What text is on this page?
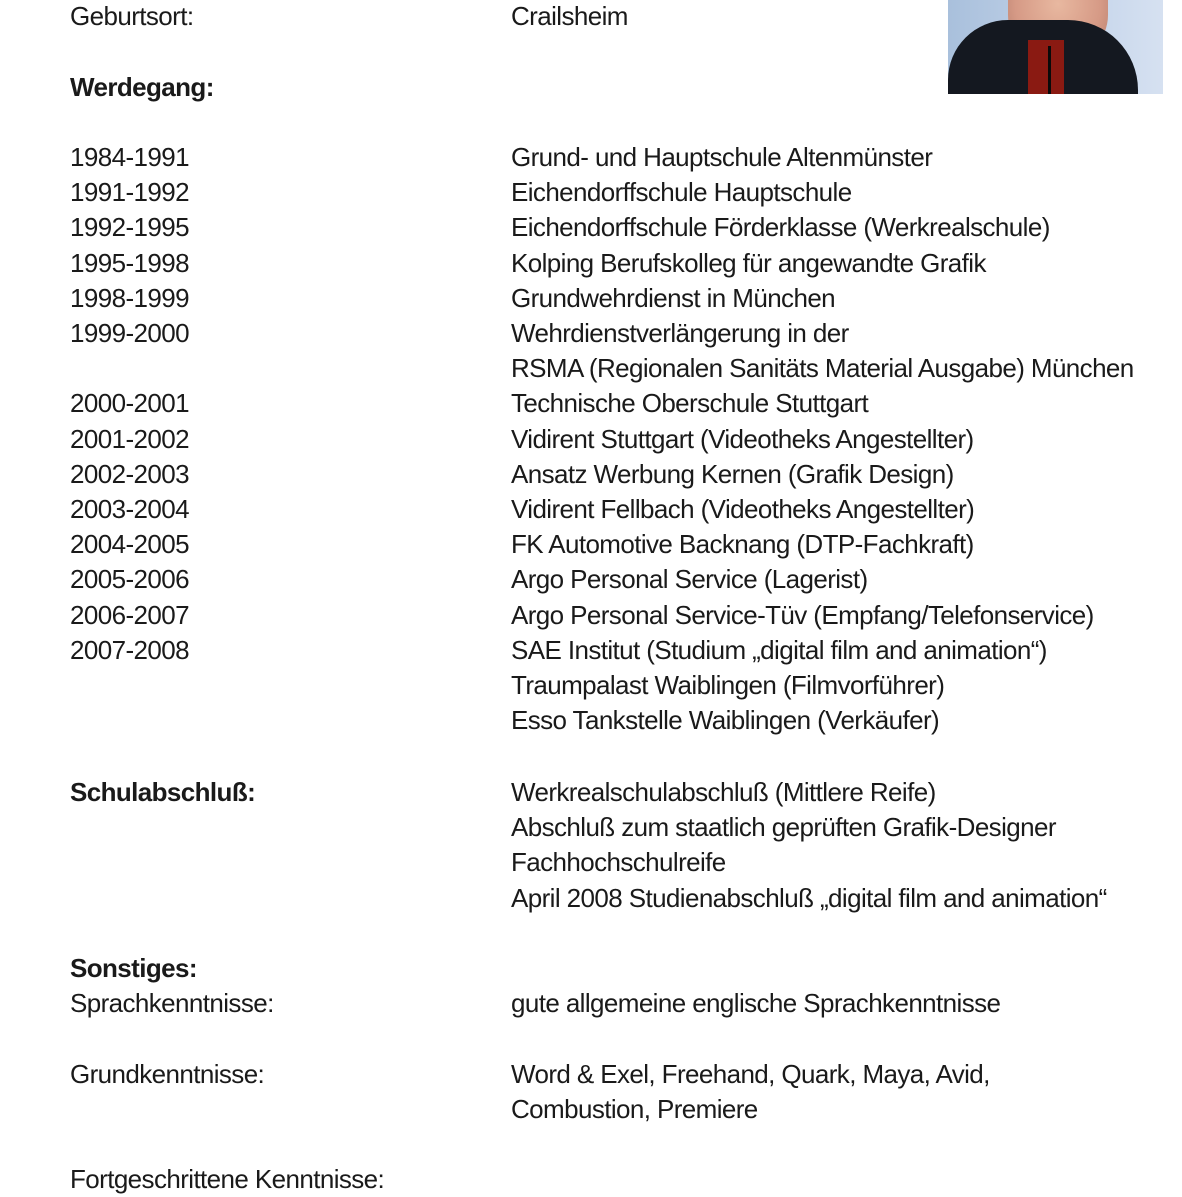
Geburtsort:	Crailsheim
Werdegang:
1984-1991	Grund- und Hauptschule Altenmünster
1991-1992	Eichendorffschule Hauptschule
1992-1995	Eichendorffschule Förderklasse (Werkrealschule)
1995-1998	Kolping Berufskolleg für angewandte Grafik
1998-1999	Grundwehrdienst in München
1999-2000	Wehrdienstverlängerung in der
RSMA (Regionalen Sanitäts Material Ausgabe) München
2000-2001	Technische Oberschule Stuttgart
2001-2002	Vidirent Stuttgart (Videotheks Angestellter)
2002-2003	Ansatz Werbung Kernen (Grafik Design)
2003-2004	Vidirent Fellbach (Videotheks Angestellter)
2004-2005	FK Automotive Backnang (DTP-Fachkraft)
2005-2006	Argo Personal Service (Lagerist)
2006-2007	Argo Personal Service-Tüv (Empfang/Telefonservice)
2007-2008	SAE Institut (Studium „digital film and animation“)
Traumpalast Waiblingen (Filmvorführer)
Esso Tankstelle Waiblingen (Verkäufer)
Schulabschluß:	Werkrealschulabschluß (Mittlere Reife)
Abschluß zum staatlich geprüften Grafik-Designer
Fachhochschulreife
April 2008 Studienabschluß „digital film and animation“
Sonstiges:
Sprachkenntnisse:	gute allgemeine englische Sprachkenntnisse
Grundkenntnisse:	Word & Exel, Freehand, Quark, Maya, Avid,
Combustion, Premiere
Fortgeschrittene Kenntnisse:
